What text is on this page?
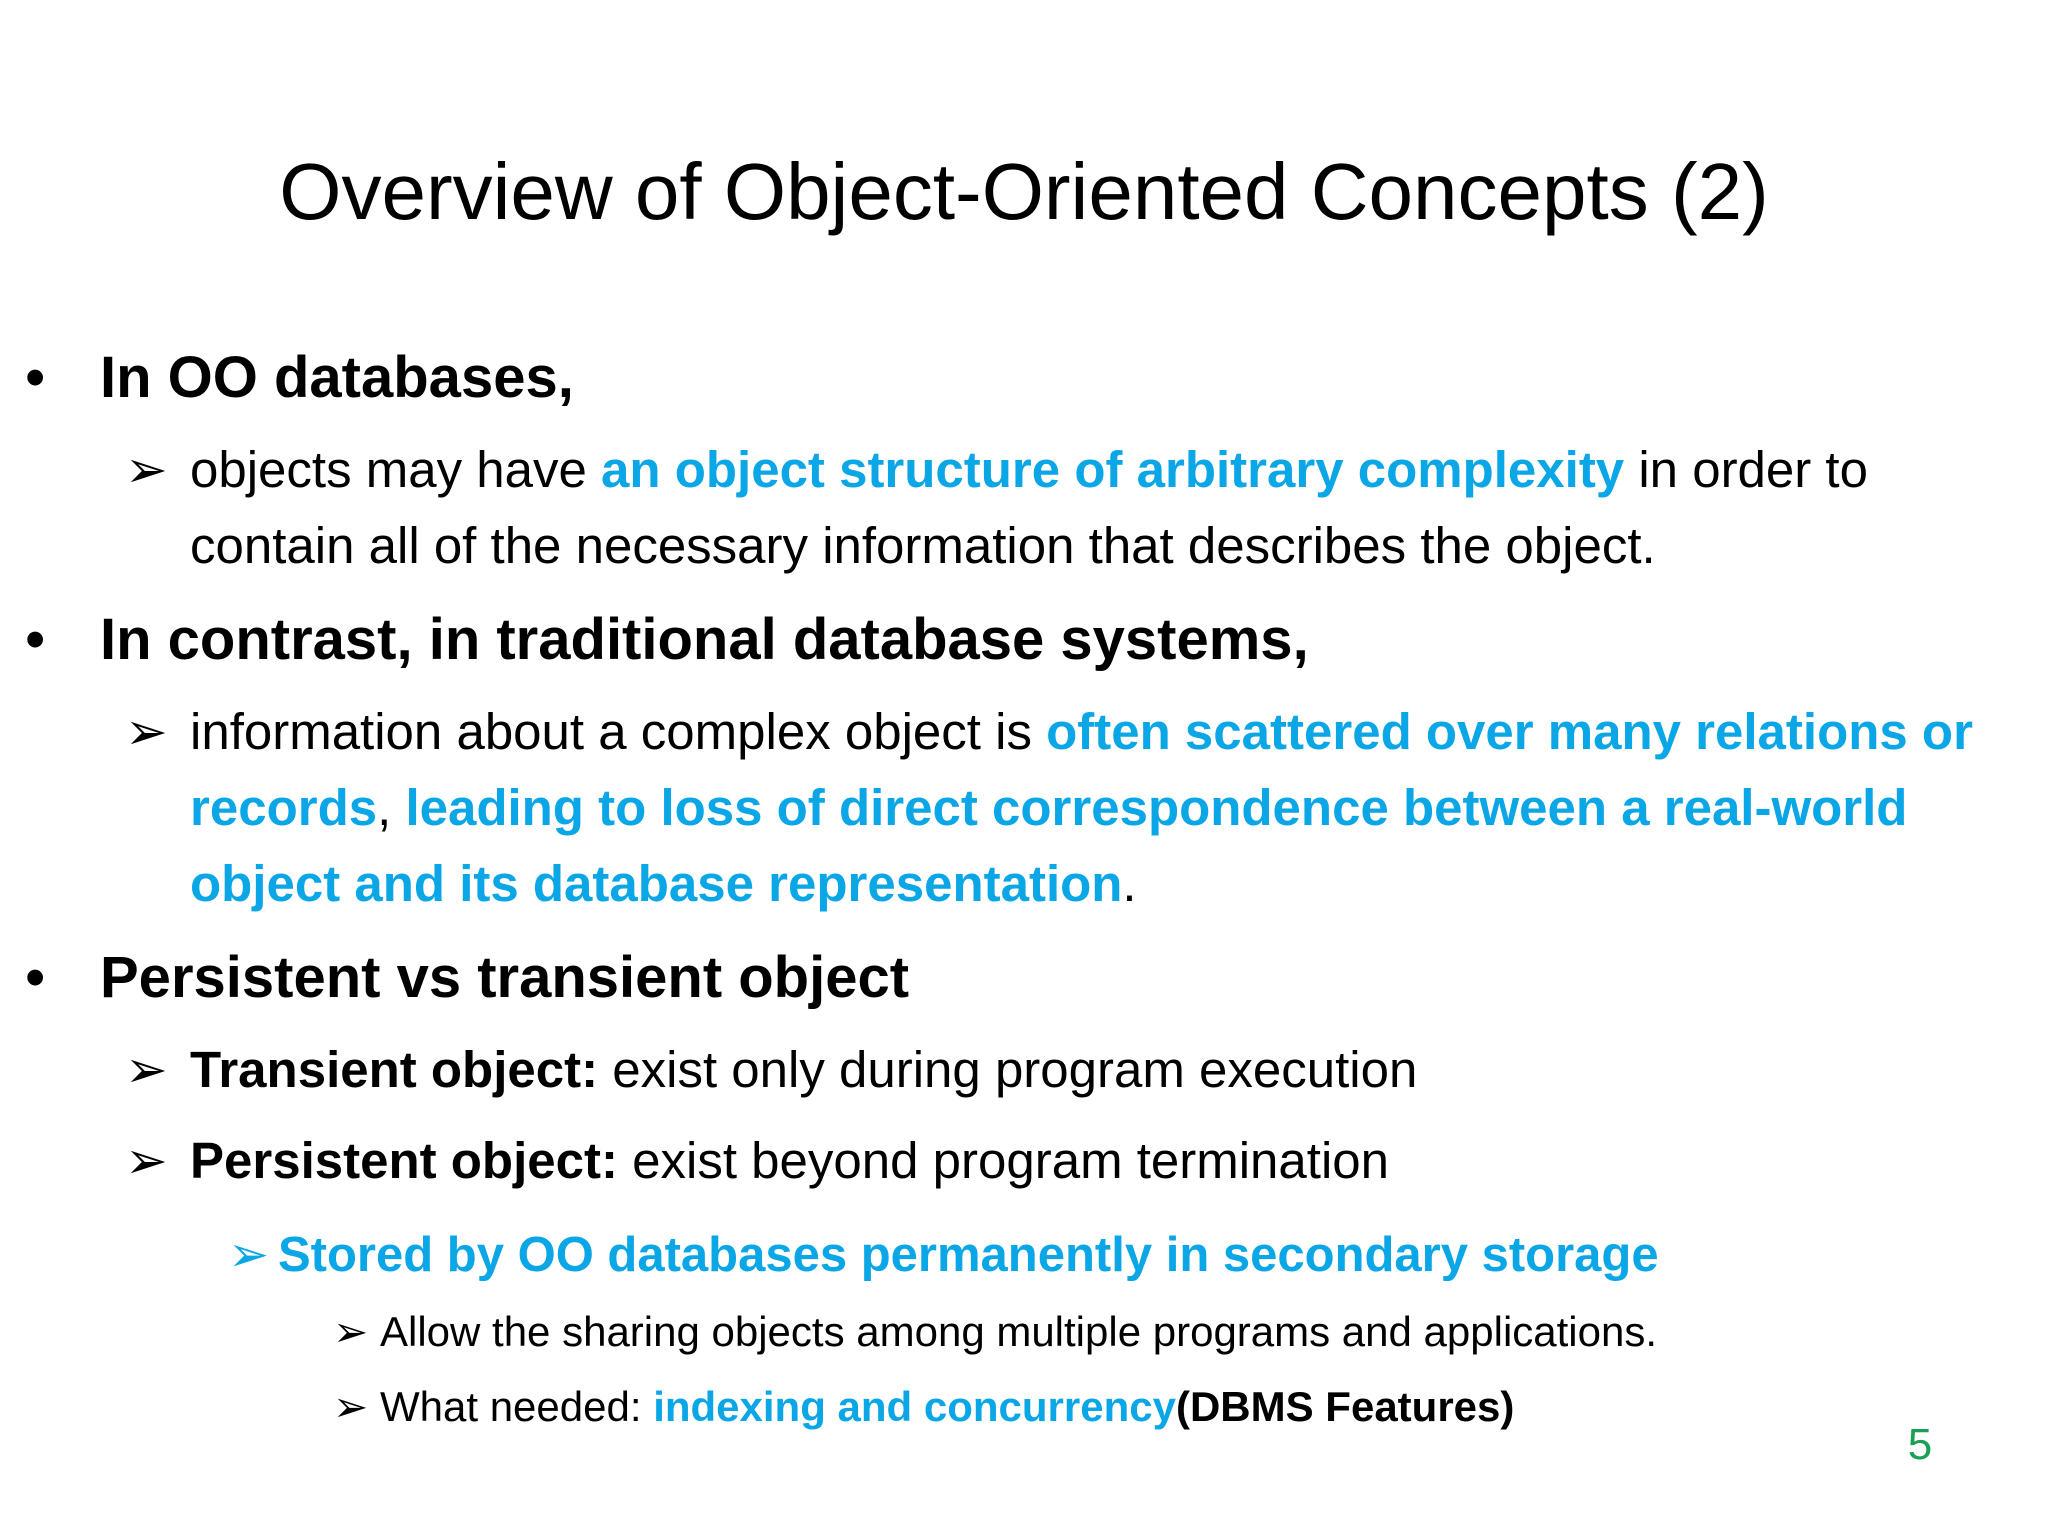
Overview of Object-Oriented Concepts (2)
• In OO databases,
➢ objects may have an object structure of arbitrary complexity in order to contain all of the necessary information that describes the object.
• In contrast, in traditional database systems,
➢ information about a complex object is often scattered over many relations or records, leading to loss of direct correspondence between a real-world object and its database representation.
• Persistent vs transient object
➢ Transient object: exist only during program execution
➢ Persistent object: exist beyond program termination
➢ Stored by OO databases permanently in secondary storage
➢ Allow the sharing objects among multiple programs and applications.
➢ What needed: indexing and concurrency(DBMS Features)
5
